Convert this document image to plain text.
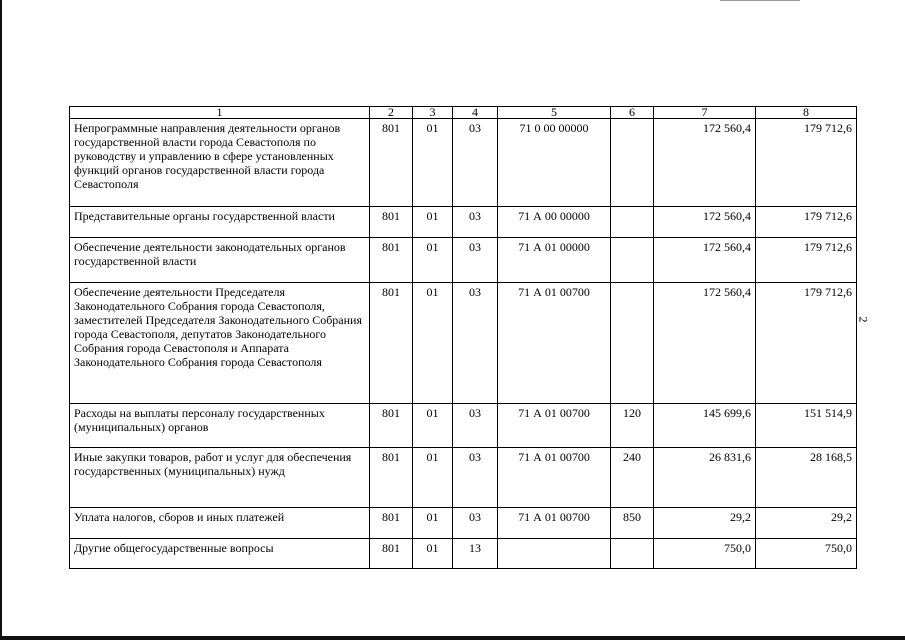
1	2	3	4	5	6	7	8
Непрограммные направления деятельности органов государственной власти города Севастополя по руководству и управлению в сфере установленных функций органов государственной власти города Севастополя	801	01	03	71 0 00 00000		172 560,4	179 712,6
Представительные органы государственной власти	801	01	03	71 А 00 00000		172 560,4	179 712,6
Обеспечение деятельности законодательных органов государственной власти	801	01	03	71 А 01 00000		172 560,4	179 712,6
Обеспечение деятельности Председателя Законодательного Собрания города Севастополя, заместителей Председателя Законодательного Собрания города Севастополя, депутатов Законодательного Собрания города Севастополя и Аппарата Законодательного Собрания города Севастополя	801	01	03	71 А 01 00700		172 560,4	179 712,6
Расходы на выплаты персоналу государственных (муниципальных) органов	801	01	03	71 А 01 00700	120	145 699,6	151 514,9
Иные закупки товаров, работ и услуг для обеспечения государственных (муниципальных) нужд	801	01	03	71 А 01 00700	240	26 831,6	28 168,5
Уплата налогов, сборов и иных платежей	801	01	03	71 А 01 00700	850	29,2	29,2
Другие общегосударственные вопросы	801	01	13			750,0	750,0
2
